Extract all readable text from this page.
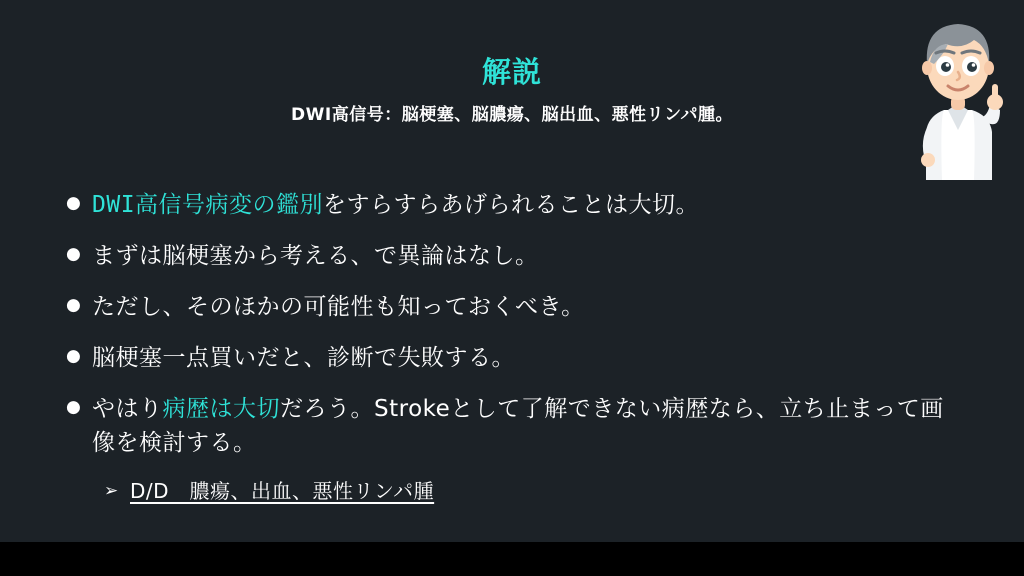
解説
DWI高信号：脳梗塞、脳膿瘍、脳出血、悪性リンパ腫。
● DWI高信号病変の鑑別をすらすらあげられることは大切。
● まずは脳梗塞から考える、で異論はなし。
● ただし、そのほかの可能性も知っておくべき。
● 脳梗塞一点買いだと、診断で失敗する。
● やはり病歴は大切だろう。Strokeとして了解できない病歴なら、立ち止まって画像を検討する。
➢ D/D　膿瘍、出血、悪性リンパ腫
